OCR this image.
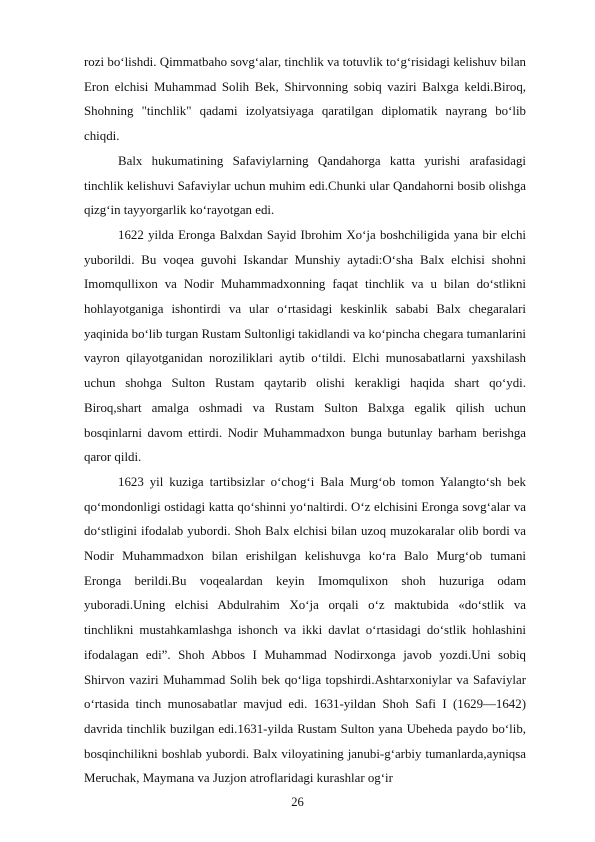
rozi bo‘lishdi. Qimmatbaho sovg‘alar, tinchlik va totuvlik to‘g‘risidagi kelishuv bilan Eron elchisi Muhammad Solih Bek, Shirvonning sobiq vaziri Balxga keldi.Biroq, Shohning "tinchlik" qadami izolyatsiyaga qaratilgan diplomatik nayrang bo‘lib chiqdi.

Balx hukumatining Safaviylarning Qandahorga katta yurishi arafasidagi tinchlik kelishuvi Safaviylar uchun muhim edi.Chunki ular Qandahorni bosib olishga qizg‘in tayyorgarlik ko‘rayotgan edi.

1622 yilda Eronga Balxdan Sayid Ibrohim Xo‘ja boshchiligida yana bir elchi yuborildi. Bu voqea guvohi Iskandar Munshiy aytadi:O‘sha Balx elchisi shohni Imomqullixon va Nodir Muhammadxonning faqat tinchlik va u bilan do‘stlikni hohlayotganiga ishontirdi va ular o‘rtasidagi keskinlik sababi Balx chegaralari yaqinida bo‘lib turgan Rustam Sultonligi takidlandi va ko‘pincha chegara tumanlarini vayron qilayotganidan noroziliklari aytib o‘tildi. Elchi munosabatlarni yaxshilash uchun shohga Sulton Rustam qaytarib olishi kerakligi haqida shart qo‘ydi. Biroq,shart amalga oshmadi va Rustam Sulton Balxga egalik qilish uchun bosqinlarni davom ettirdi. Nodir Muhammadxon bunga butunlay barham berishga qaror qildi.

1623 yil kuziga tartibsizlar o‘chog‘i Bala Murg‘ob tomon Yalangto‘sh bek qo‘mondonligi ostidagi katta qo‘shinni yo‘naltirdi. O‘z elchisini Eronga sovg‘alar va do‘stligini ifodalab yubordi. Shoh Balx elchisi bilan uzoq muzokaralar olib bordi va Nodir Muhammadxon bilan erishilgan kelishuvga ko‘ra Balo Murg‘ob tumani Eronga berildi.Bu voqealardan keyin Imomqulixon shoh huzuriga odam yuboradi.Uning elchisi Abdulrahim Xo‘ja orqali o‘z maktubida «do‘stlik va tinchlikni mustahkamlashga ishonch va ikki davlat o‘rtasidagi do‘stlik hohlashini ifodalagan edi”. Shoh Abbos I Muhammad Nodirxonga javob yozdi.Uni sobiq Shirvon vaziri Muhammad Solih bek qo‘liga topshirdi.Ashtarxoniylar va Safaviylar o‘rtasida tinch munosabatlar mavjud edi. 1631-yildan Shoh Safi I (1629—1642) davrida tinchlik buzilgan edi.1631-yilda Rustam Sulton yana Ubeheda paydo bo‘lib, bosqinchilikni boshlab yubordi. Balx viloyatining janubi-g‘arbiy tumanlarda,ayniqsa Meruchak, Maymana va Juzjon atroflaridagi kurashlar og‘ir

26
